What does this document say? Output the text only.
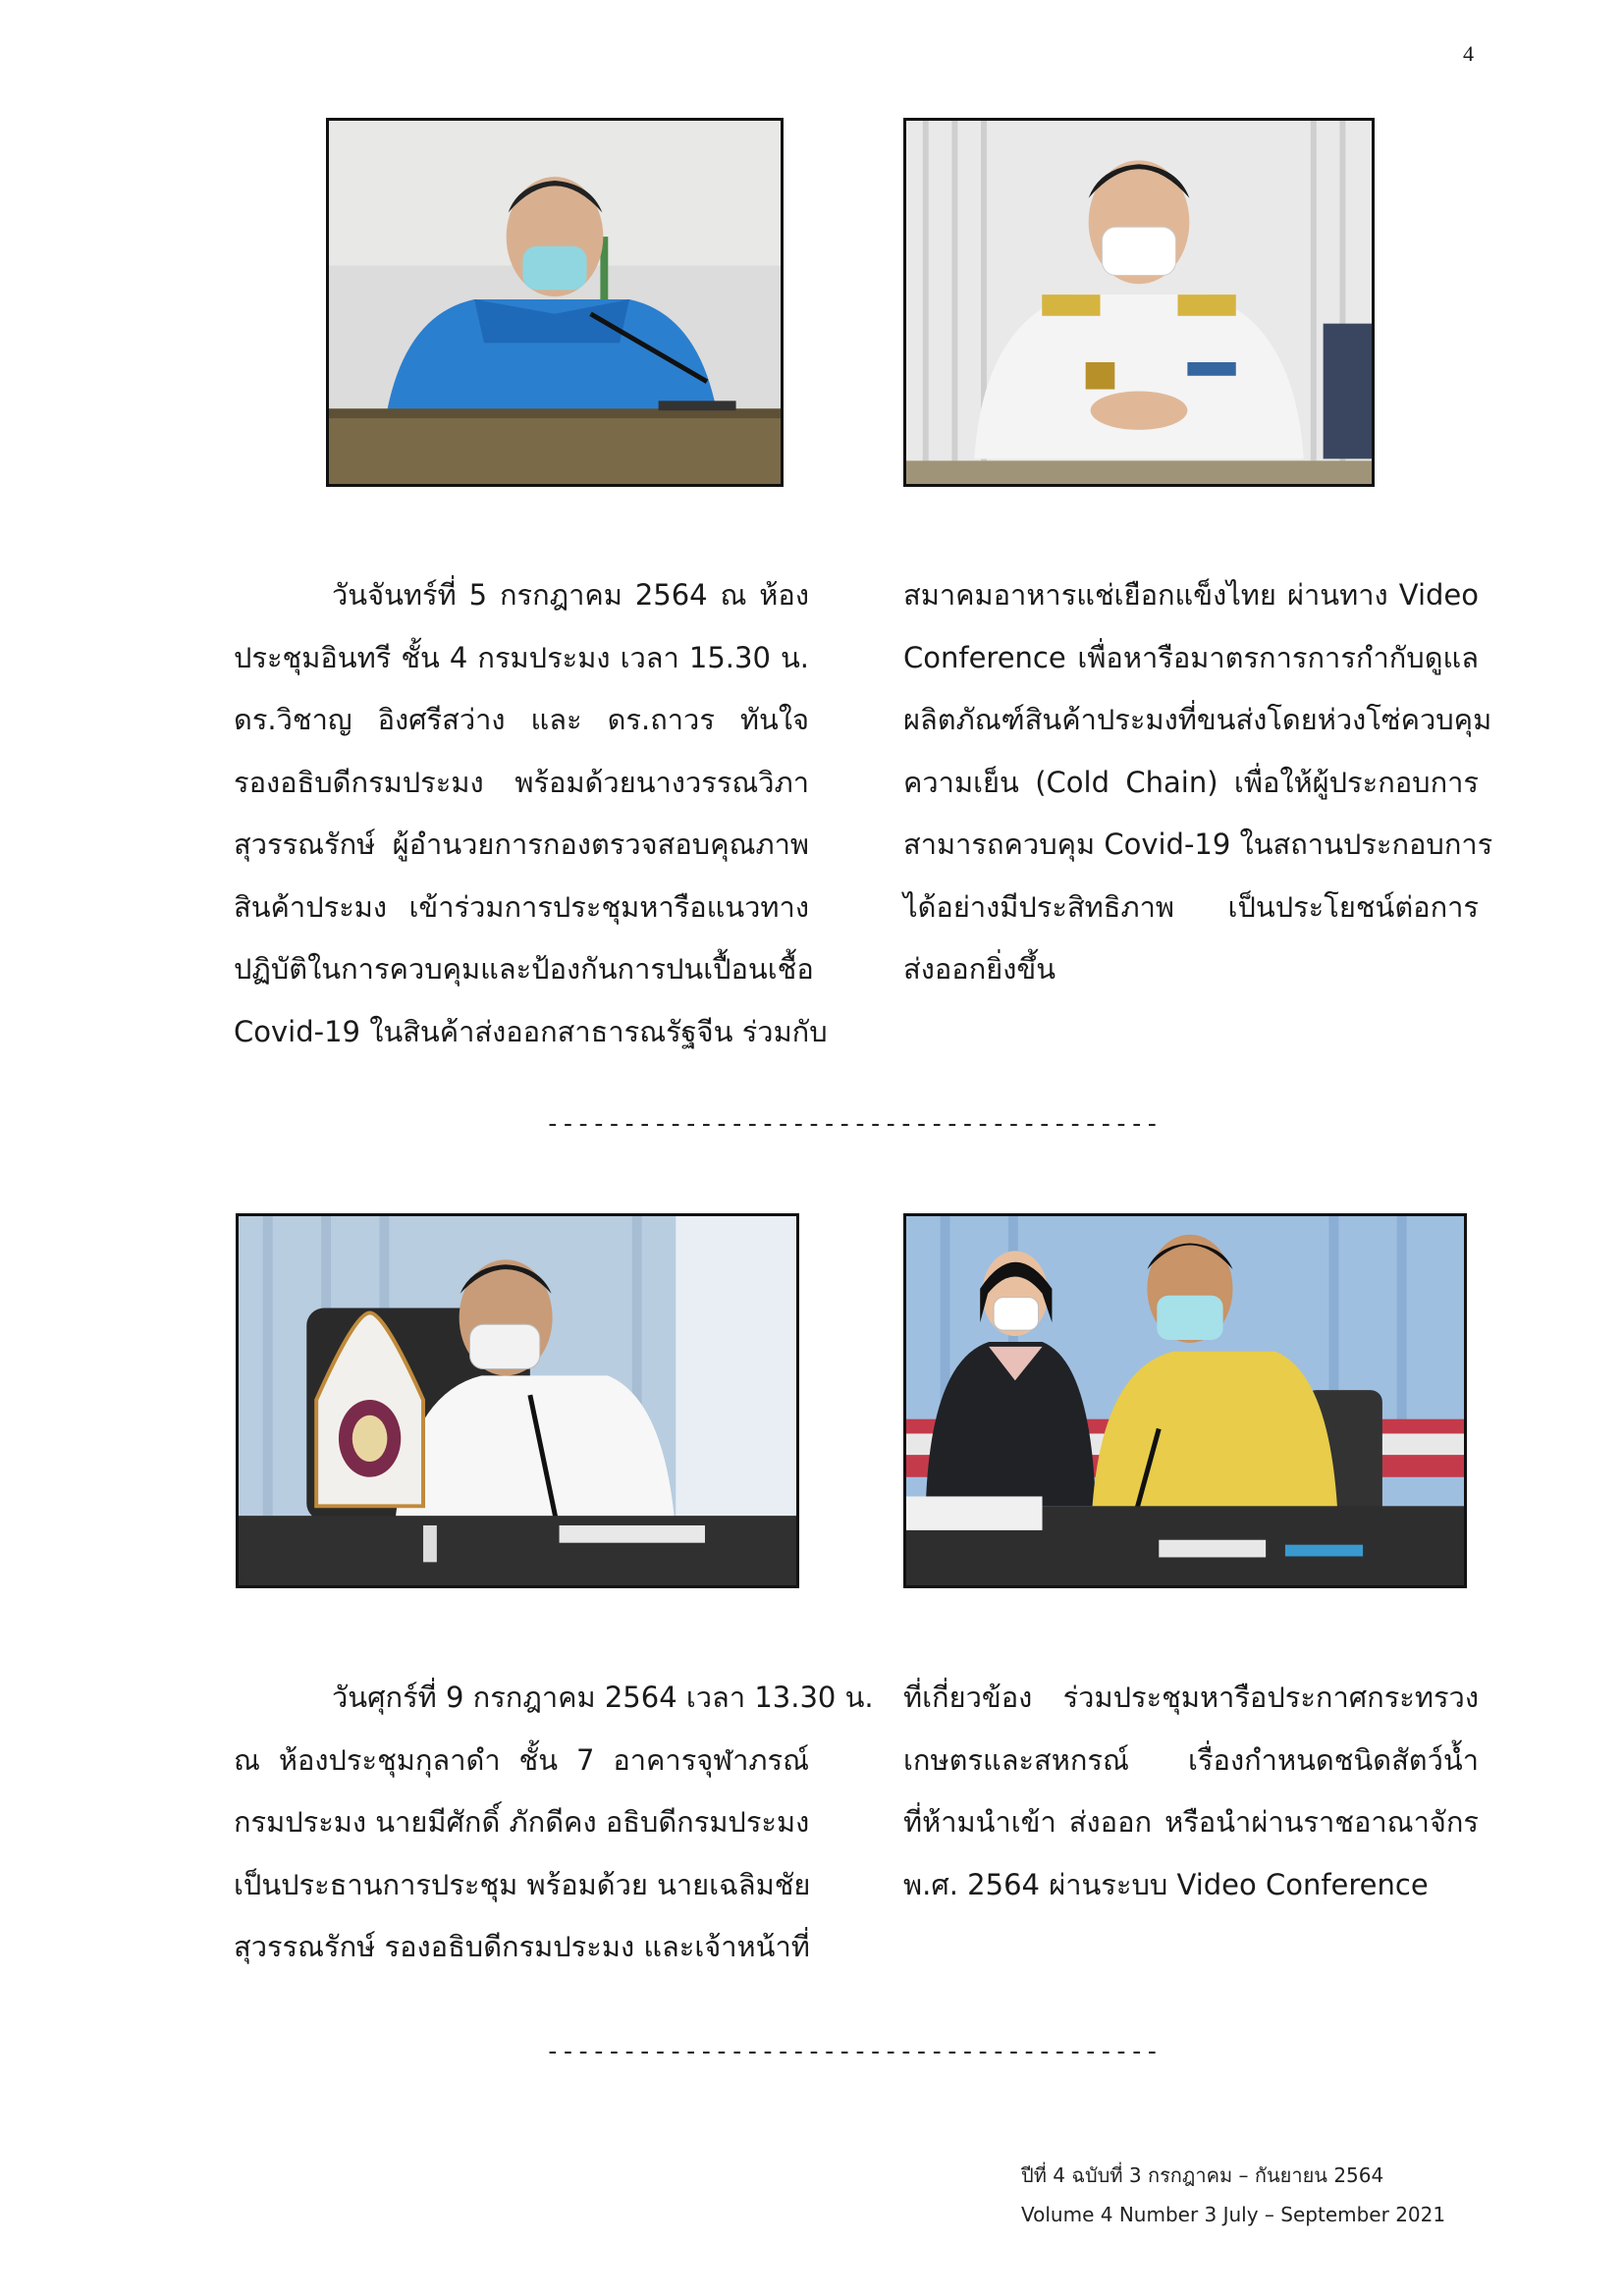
4

วันจันทร์ที่ 5 กรกฎาคม 2564 ณ ห้อง
ประชุมอินทรี ชั้น 4 กรมประมง เวลา 15.30 น.
ดร.วิชาญ อิงศรีสว่าง และ ดร.ถาวร ทันใจ
รองอธิบดีกรมประมง พร้อมด้วยนางวรรณวิภา
สุวรรณรักษ์ ผู้อำนวยการกองตรวจสอบคุณภาพ
สินค้าประมง เข้าร่วมการประชุมหารือแนวทาง
ปฏิบัติในการควบคุมและป้องกันการปนเปื้อนเชื้อ
Covid-19 ในสินค้าส่งออกสาธารณรัฐจีน ร่วมกับ

สมาคมอาหารแช่เยือกแข็งไทย ผ่านทาง Video
Conference เพื่อหารือมาตรการการกำกับดูแล
ผลิตภัณฑ์สินค้าประมงที่ขนส่งโดยห่วงโซ่ควบคุม
ความเย็น (Cold Chain) เพื่อให้ผู้ประกอบการ
สามารถควบคุม Covid-19 ในสถานประกอบการ
ได้อย่างมีประสิทธิภาพ เป็นประโยชน์ต่อการ
ส่งออกยิ่งขึ้น

----------------------------------------

วันศุกร์ที่ 9 กรกฎาคม 2564 เวลา 13.30 น.
ณ ห้องประชุมกุลาดำ ชั้น 7 อาคารจุฬาภรณ์
กรมประมง นายมีศักดิ์ ภักดีคง อธิบดีกรมประมง
เป็นประธานการประชุม พร้อมด้วย นายเฉลิมชัย
สุวรรณรักษ์ รองอธิบดีกรมประมง และเจ้าหน้าที่

ที่เกี่ยวข้อง ร่วมประชุมหารือประกาศกระทรวง
เกษตรและสหกรณ์ เรื่องกำหนดชนิดสัตว์น้ำ
ที่ห้ามนำเข้า ส่งออก หรือนำผ่านราชอาณาจักร
พ.ศ. 2564 ผ่านระบบ Video Conference

----------------------------------------
ปีที่ 4 ฉบับที่ 3 กรกฎาคม – กันยายน 2564
Volume 4 Number 3 July – September 2021
